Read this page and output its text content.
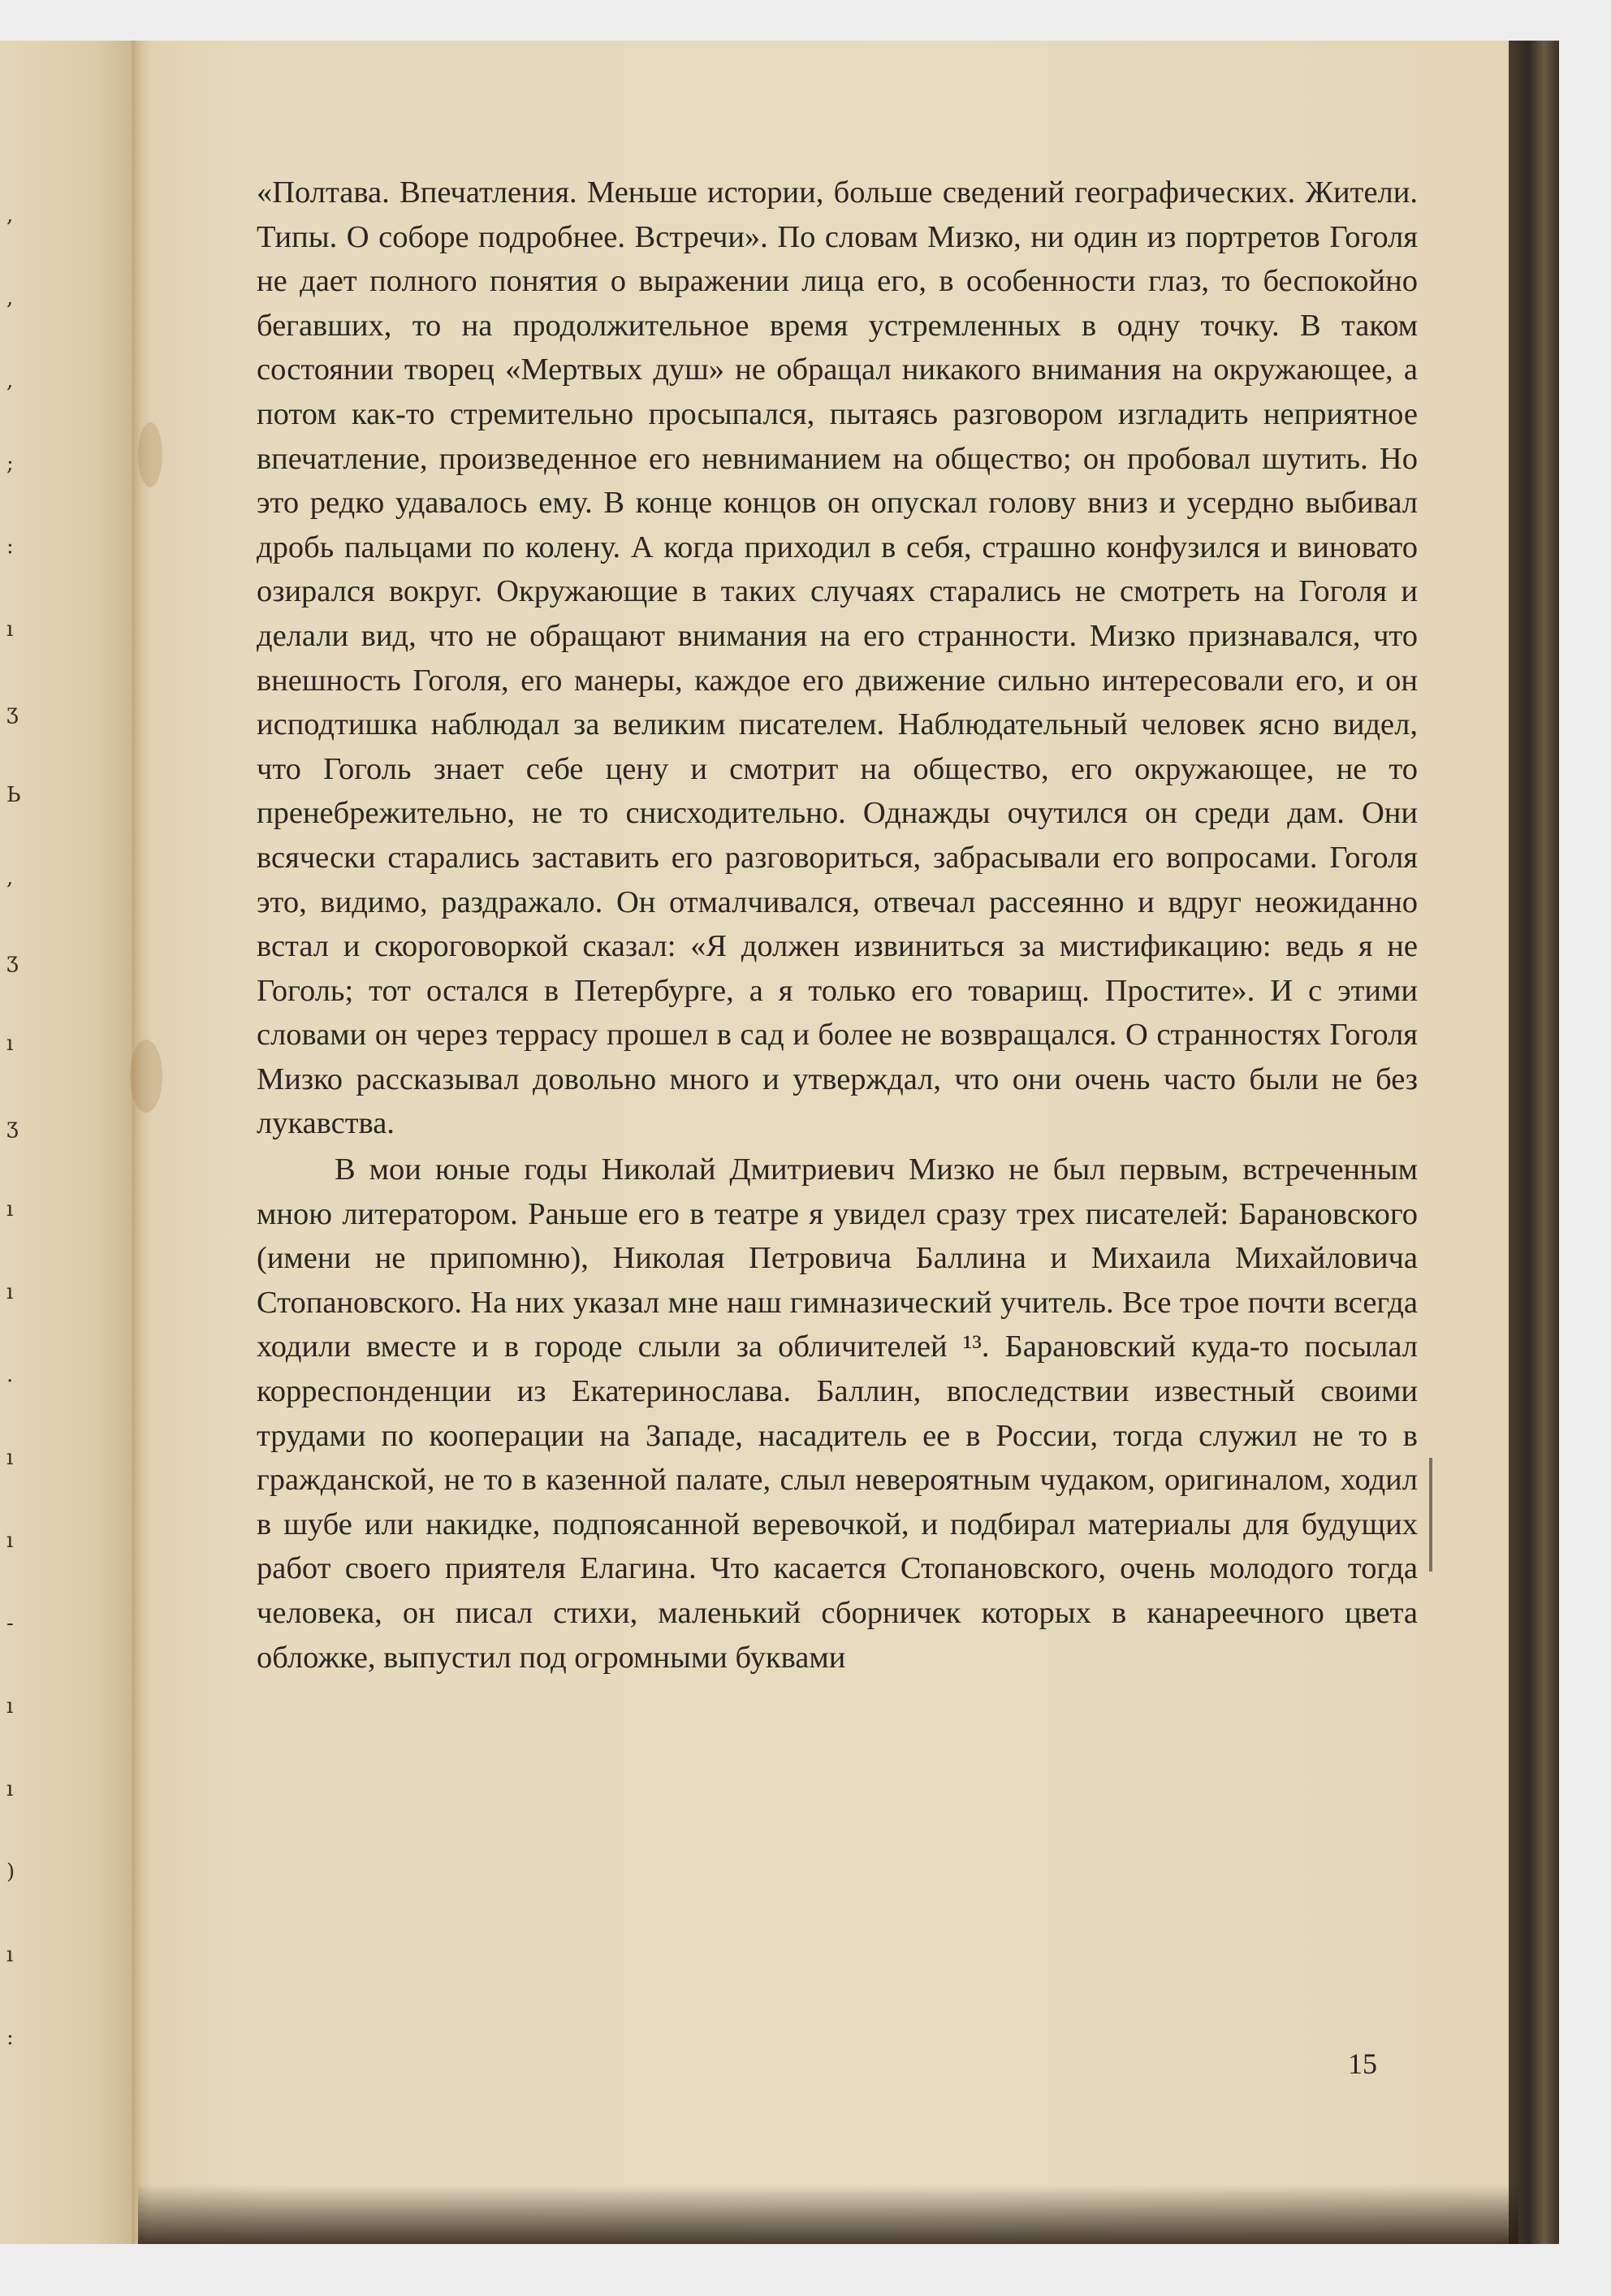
,
,
,
;
:
ı
ʒ
Ь
,
ʒ
ı
ʒ
ı
ı
.
ı
ı
-
ı
ı
)
ı
:

«Полтава. Впечатления. Меньше истории, больше сведений географических. Жители. Типы. О соборе подробнее. Встречи». По словам Мизко, ни один из портретов Гоголя не дает полного понятия о выражении лица его, в особенности глаз, то беспокойно бегавших, то на продолжительное время устремленных в одну точку. В таком состоянии творец «Мертвых душ» не обращал никакого внимания на окружающее, а потом как-то стремительно просыпался, пытаясь разговором изгладить неприятное впечатление, произведенное его невниманием на общество; он пробовал шутить. Но это редко удавалось ему. В конце концов он опускал голову вниз и усердно выбивал дробь пальцами по колену. А когда приходил в себя, страшно конфузился и виновато озирался вокруг. Окружающие в таких случаях старались не смотреть на Гоголя и делали вид, что не обращают внимания на его странности. Мизко признавался, что внешность Гоголя, его манеры, каждое его движение сильно интересовали его, и он исподтишка наблюдал за великим писателем. Наблюдательный человек ясно видел, что Гоголь знает себе цену и смотрит на общество, его окружающее, не то пренебрежительно, не то снисходительно. Однажды очутился он среди дам. Они всячески старались заставить его разговориться, забрасывали его вопросами. Гоголя это, видимо, раздражало. Он отмалчивался, отвечал рассеянно и вдруг неожиданно встал и скороговоркой сказал: «Я должен извиниться за мистификацию: ведь я не Гоголь; тот остался в Петербурге, а я только его товарищ. Простите». И с этими словами он через террасу прошел в сад и более не возвращался. О странностях Гоголя Мизко рассказывал довольно много и утверждал, что они очень часто были не без лукавства.

В мои юные годы Николай Дмитриевич Мизко не был первым, встреченным мною литератором. Раньше его в театре я увидел сразу трех писателей: Барановского (имени не припомню), Николая Петровича Баллина и Михаила Михайловича Стопановского. На них указал мне наш гимназический учитель. Все трое почти всегда ходили вместе и в городе слыли за обличителей ¹³. Барановский куда-то посылал корреспонденции из Екатеринослава. Баллин, впоследствии известный своими трудами по кооперации на Западе, насадитель ее в России, тогда служил не то в гражданской, не то в казенной палате, слыл невероятным чудаком, оригиналом, ходил в шубе или накидке, подпоясанной веревочкой, и подбирал материалы для будущих работ своего приятеля Елагина. Что касается Стопановского, очень молодого тогда человека, он писал стихи, маленький сборничек которых в канареечного цвета обложке, выпустил под огромными буквами

15
